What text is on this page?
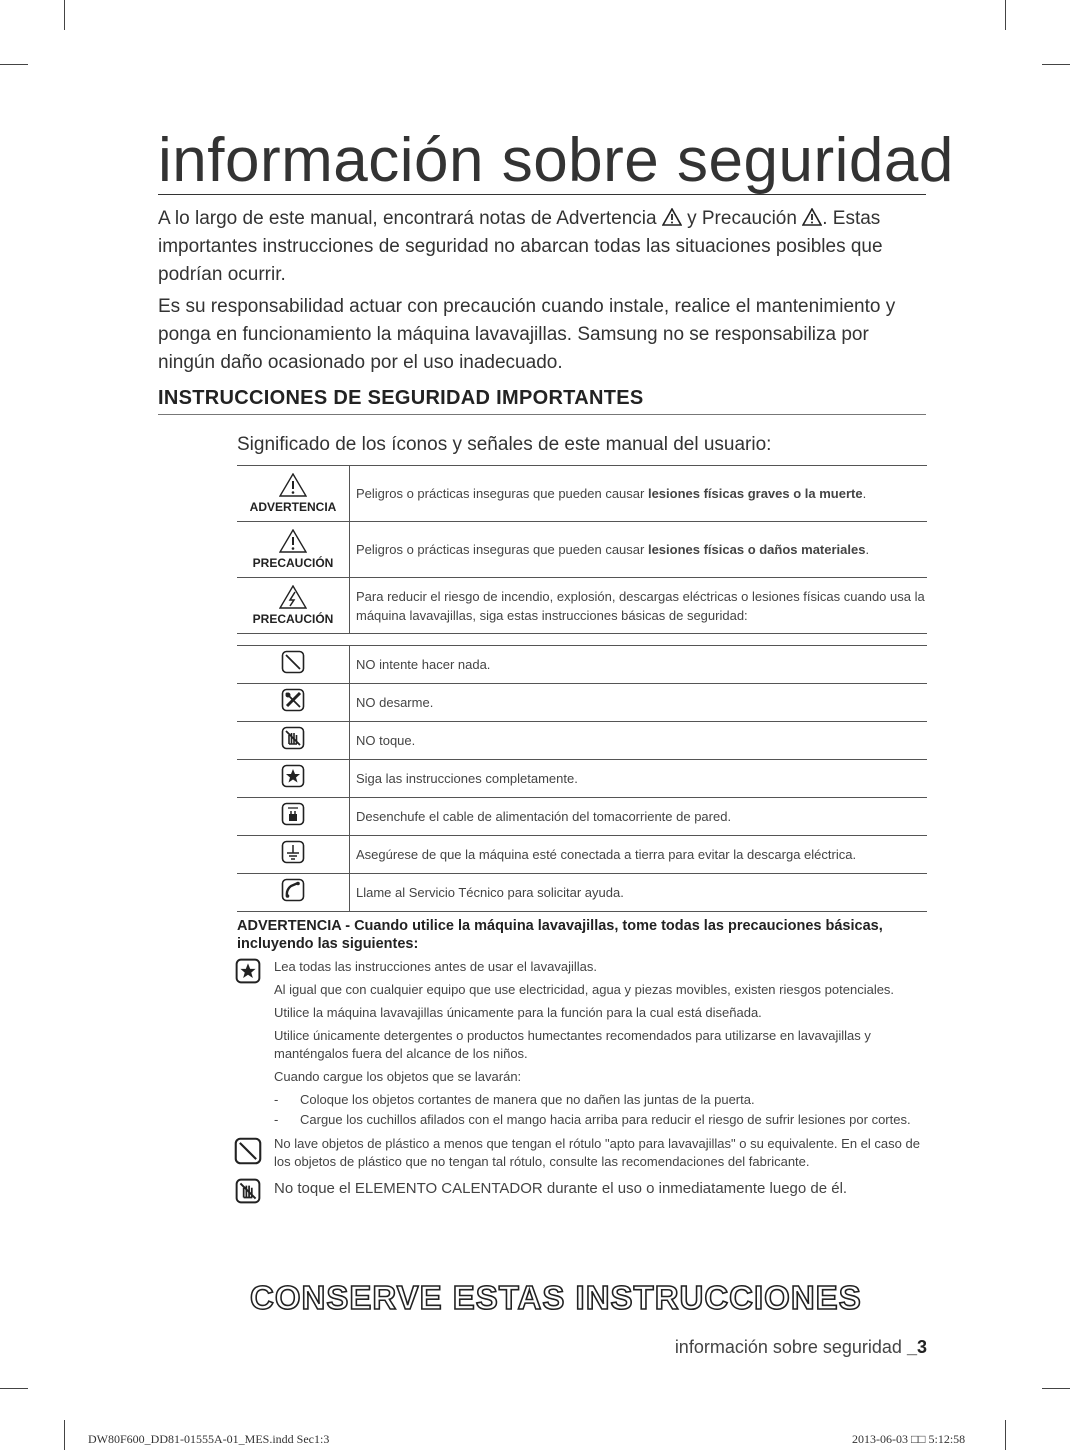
información sobre seguridad

A lo largo de este manual, encontrará notas de Advertencia y Precaución . Estas importantes instrucciones de seguridad no abarcan todas las situaciones posibles que podrían ocurrir.

Es su responsabilidad actuar con precaución cuando instale, realice el mantenimiento y ponga en funcionamiento la máquina lavavajillas. Samsung no se responsabiliza por ningún daño ocasionado por el uso inadecuado.

INSTRUCCIONES DE SEGURIDAD IMPORTANTES
Significado de los íconos y señales de este manual del usuario:
ADVERTENCIA	Peligros o prácticas inseguras que pueden causar lesiones físicas graves o la muerte.

PRECAUCIÓN	Peligros o prácticas inseguras que pueden causar lesiones físicas o daños materiales.

PRECAUCIÓN	Para reducir el riesgo de incendio, explosión, descargas eléctricas o lesiones físicas cuando usa la máquina lavavajillas, siga estas instrucciones básicas de seguridad:
	NO intente hacer nada.
	NO desarme.
	NO toque.
	Siga las instrucciones completamente.
	Desenchufe el cable de alimentación del tomacorriente de pared.
	Asegúrese de que la máquina esté conectada a tierra para evitar la descarga eléctrica.
	Llame al Servicio Técnico para solicitar ayuda.
ADVERTENCIA - Cuando utilice la máquina lavavajillas, tome todas las precauciones básicas, incluyendo las siguientes:

Lea todas las instrucciones antes de usar el lavavajillas.

Al igual que con cualquier equipo que use electricidad, agua y piezas movibles, existen riesgos potenciales.

Utilice la máquina lavavajillas únicamente para la función para la cual está diseñada.

Utilice únicamente detergentes o productos humectantes recomendados para utilizarse en lavavajillas y manténgalos fuera del alcance de los niños.

Cuando cargue los objetos que se lavarán:

- Coloque los objetos cortantes de manera que no dañen las juntas de la puerta.
- Cargue los cuchillos afilados con el mango hacia arriba para reducir el riesgo de sufrir lesiones por cortes.

No lave objetos de plástico a menos que tengan el rótulo "apto para lavavajillas" o su equivalente. En el caso de los objetos de plástico que no tengan tal rótulo, consulte las recomendaciones del fabricante.

No toque el ELEMENTO CALENTADOR durante el uso o inmediatamente luego de él.

CONSERVE ESTAS INSTRUCCIONES
información sobre seguridad _3
DW80F600_DD81-01555A-01_MES.indd Sec1:3	2013-06-03 □□ 5:12:58
